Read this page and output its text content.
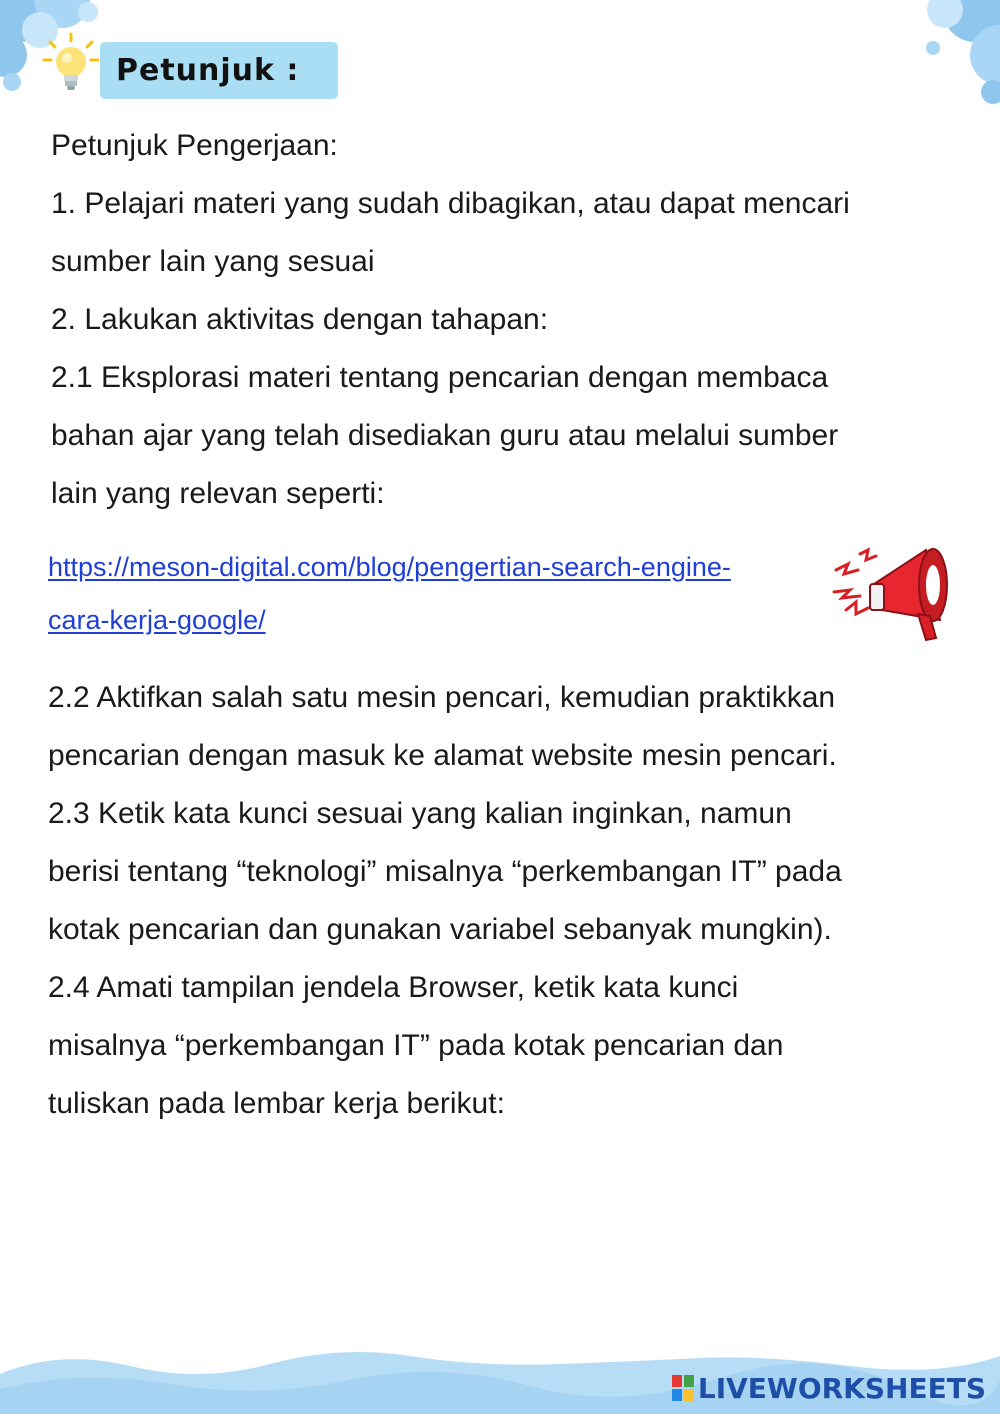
Petunjuk :

Petunjuk Pengerjaan:

1. Pelajari materi yang sudah dibagikan, atau dapat mencari

sumber lain yang sesuai

2. Lakukan aktivitas dengan tahapan:

2.1 Eksplorasi materi tentang pencarian dengan membaca

bahan ajar yang telah disediakan guru atau melalui sumber

lain yang relevan seperti:

https://meson-digital.com/blog/pengertian-search-engine-

cara-kerja-google/

2.2 Aktifkan salah satu mesin pencari, kemudian praktikkan

pencarian dengan masuk ke alamat website mesin pencari.

2.3 Ketik kata kunci sesuai yang kalian inginkan, namun

berisi tentang “teknologi” misalnya “perkembangan IT” pada

kotak pencarian dan gunakan variabel sebanyak mungkin).

2.4 Amati tampilan jendela Browser, ketik kata kunci

misalnya “perkembangan IT” pada kotak pencarian dan

tuliskan pada lembar kerja berikut:

LIVEWORKSHEETS
